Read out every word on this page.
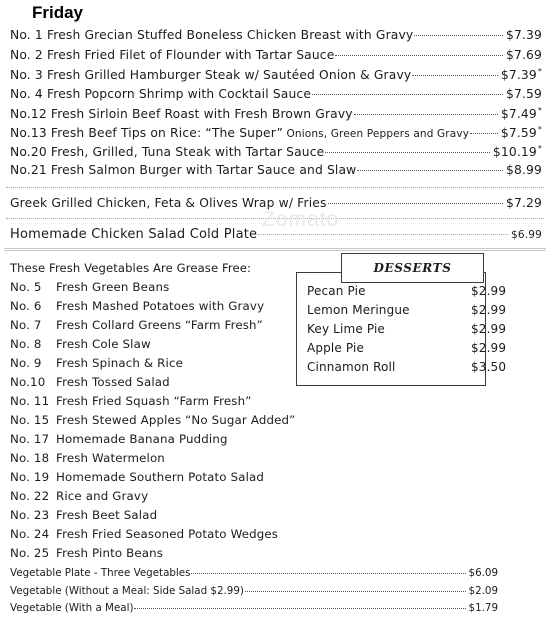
Friday
No. 1 Fresh Grecian Stuffed Boneless Chicken Breast with Gravy	$7.39
No. 2 Fresh Fried Filet of Flounder with Tartar Sauce	$7.69
No. 3 Fresh Grilled Hamburger Steak w/ Sautéed Onion & Gravy	$7.39*
No. 4 Fresh Popcorn Shrimp with Cocktail Sauce	$7.59
No.12 Fresh Sirloin Beef Roast with Fresh Brown Gravy	$7.49*
No.13 Fresh Beef Tips on Rice: “The Super” Onions, Green Peppers and Gravy	$7.59*
No.20 Fresh, Grilled, Tuna Steak with Tartar Sauce	$10.19*
No.21 Fresh Salmon Burger with Tartar Sauce and Slaw	$8.99
Greek Grilled Chicken, Feta & Olives Wrap w/ Fries	$7.29
Zomato
Homemade Chicken Salad Cold Plate	$6.99
These Fresh Vegetables Are Grease Free:
No. 5 Fresh Green Beans
No. 6 Fresh Mashed Potatoes with Gravy
No. 7 Fresh Collard Greens “Farm Fresh”
No. 8 Fresh Cole Slaw
No. 9 Fresh Spinach & Rice
No.10 Fresh Tossed Salad
No. 11 Fresh Fried Squash “Farm Fresh”
No. 15 Fresh Stewed Apples “No Sugar Added”
No. 17 Homemade Banana Pudding
No. 18 Fresh Watermelon
No. 19 Homemade Southern Potato Salad
No. 22 Rice and Gravy
No. 23 Fresh Beet Salad
No. 24 Fresh Fried Seasoned Potato Wedges
No. 25 Fresh Pinto Beans
DESSERTS
Pecan Pie	$2.99
Lemon Meringue	$2.99
Key Lime Pie	$2.99
Apple Pie	$2.99
Cinnamon Roll	$3.50
Vegetable Plate - Three Vegetables	$6.09
Vegetable (Without a Meal: Side Salad $2.99)	$2.09
Vegetable (With a Meal)	$1.79
